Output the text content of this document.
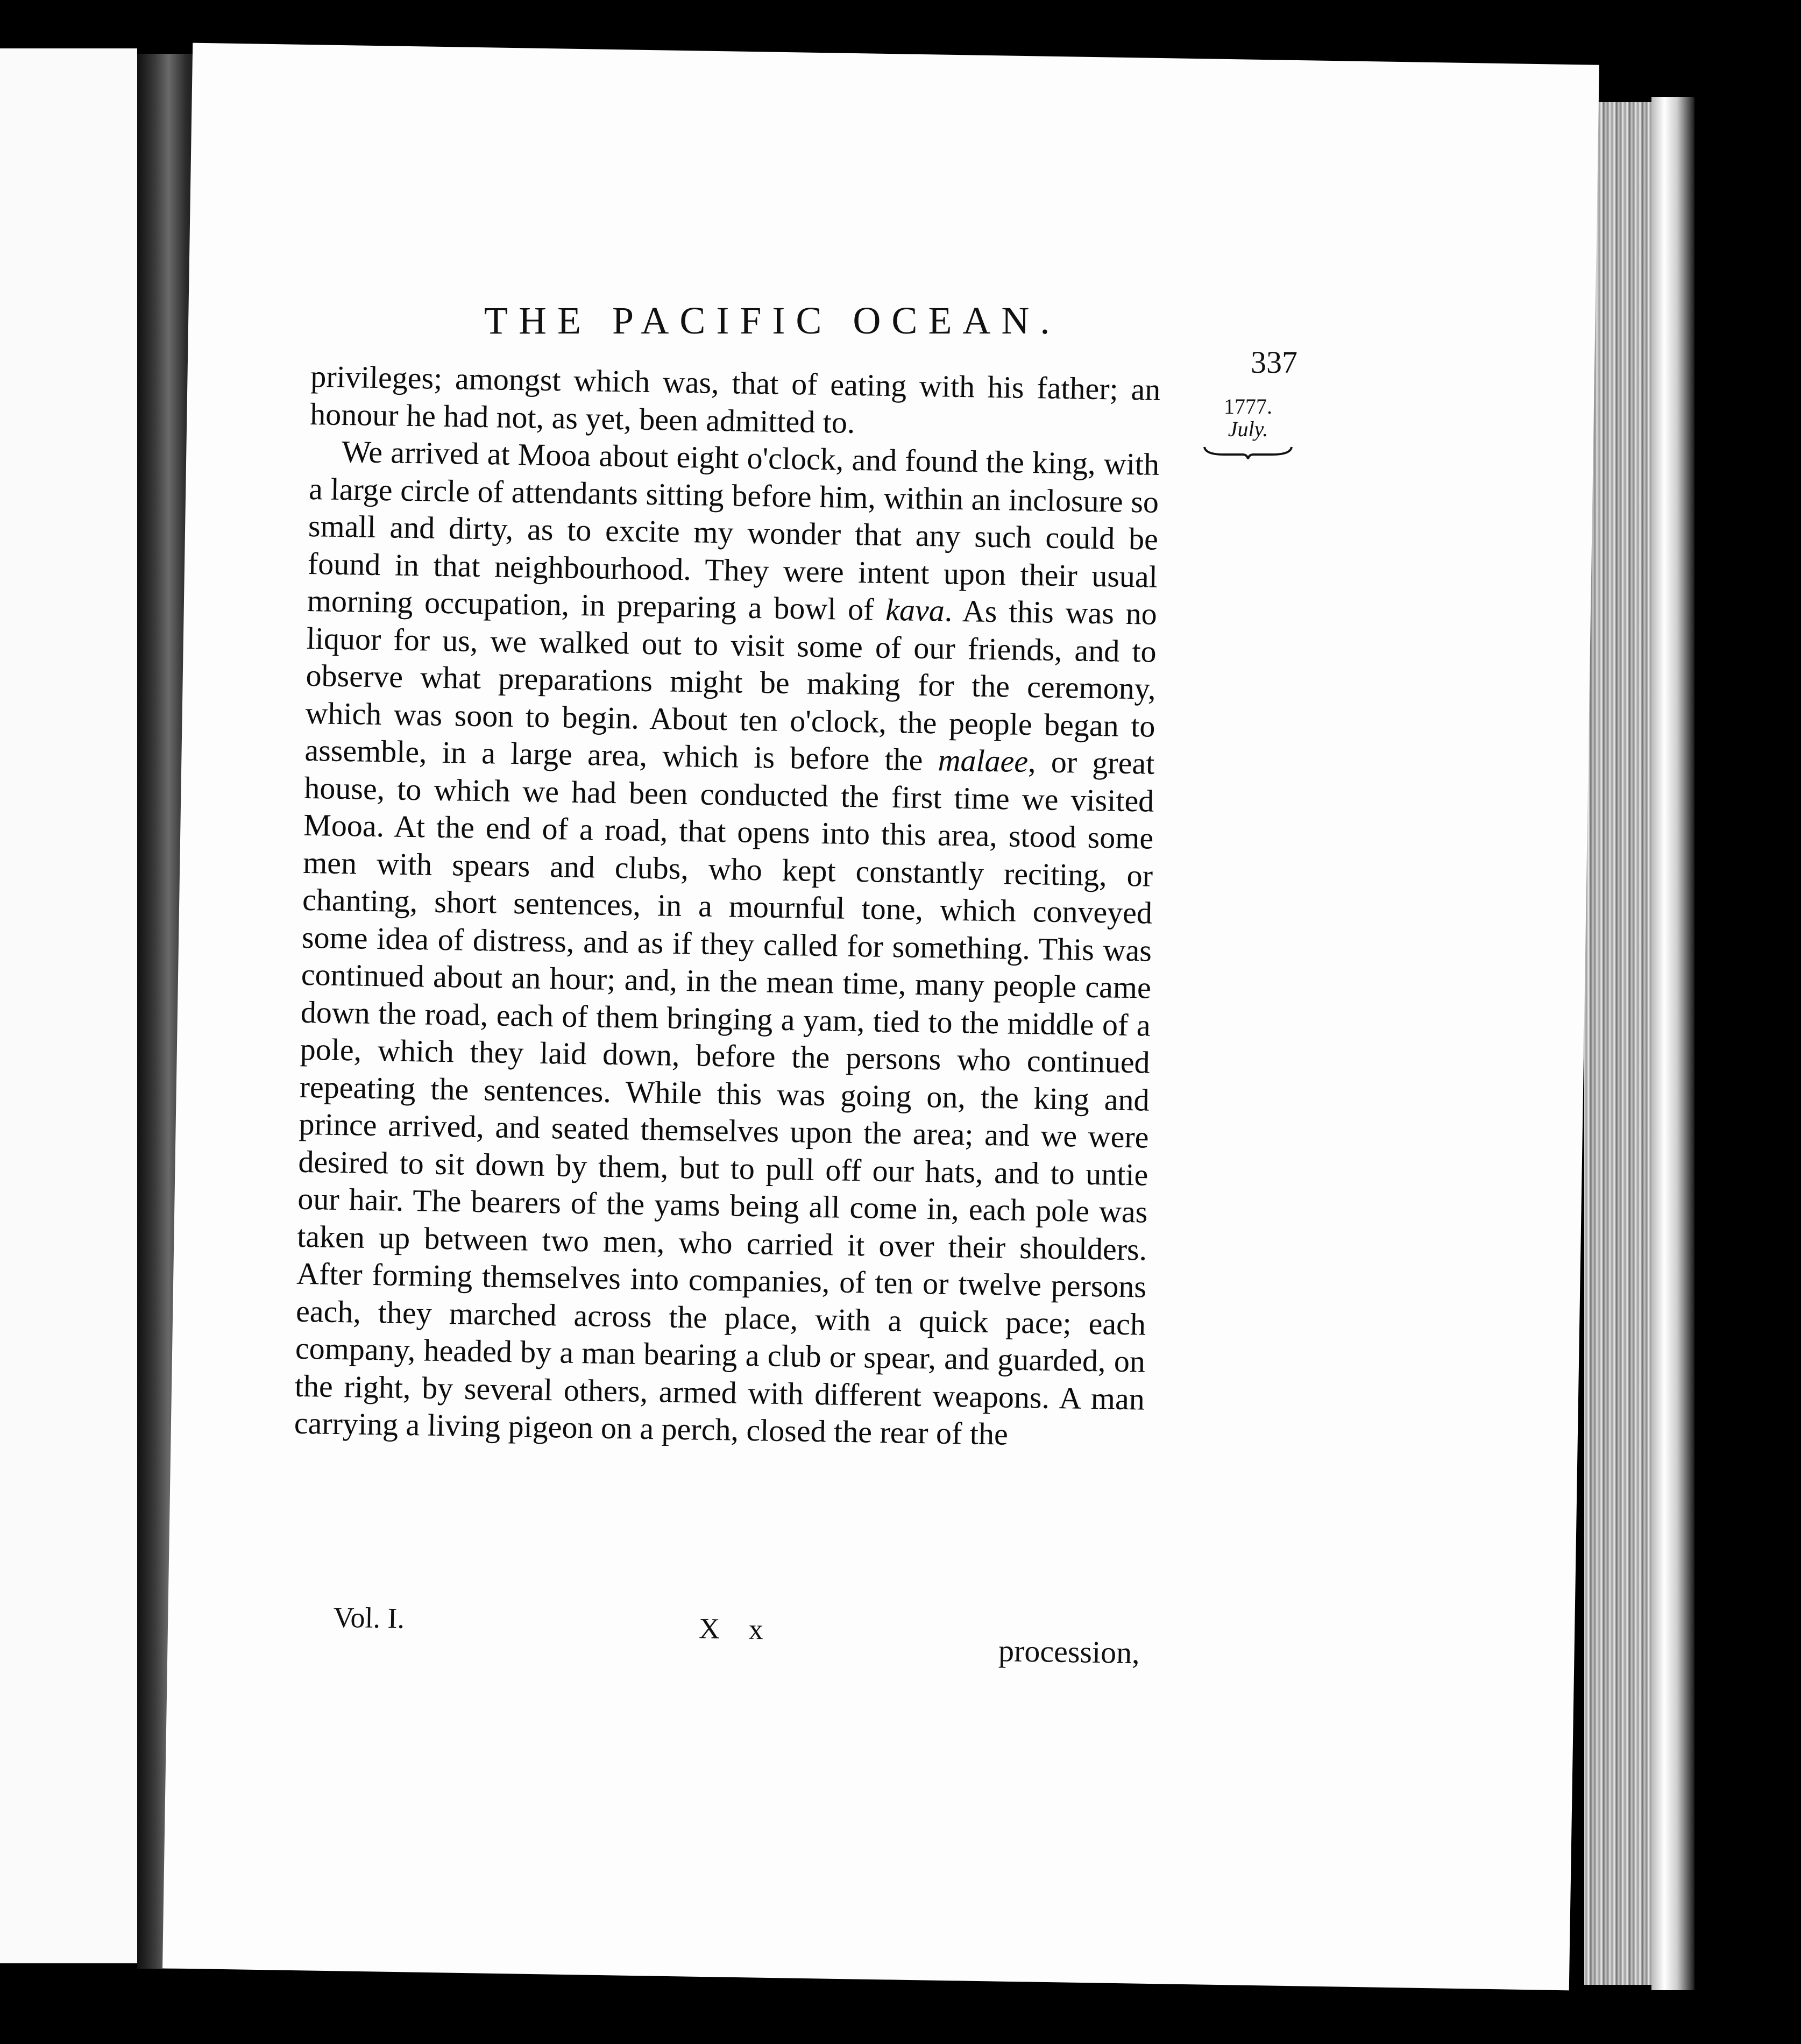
THE PACIFIC OCEAN.
337
1777.
July.

privileges; amongst which was, that of eating with his father; an honour he had not, as yet, been admitted to.

We arrived at Mooa about eight o'clock, and found the king, with a large circle of attendants sitting before him, within an inclosure so small and dirty, as to excite my wonder that any such could be found in that neighbourhood. They were intent upon their usual morning occupation, in preparing a bowl of kava. As this was no liquor for us, we walked out to visit some of our friends, and to observe what preparations might be making for the ceremony, which was soon to begin. About ten o'clock, the people began to assemble, in a large area, which is before the malaee, or great house, to which we had been conducted the first time we visited Mooa. At the end of a road, that opens into this area, stood some men with spears and clubs, who kept constantly reciting, or chanting, short sentences, in a mournful tone, which conveyed some idea of distress, and as if they called for something. This was continued about an hour; and, in the mean time, many people came down the road, each of them bringing a yam, tied to the middle of a pole, which they laid down, before the persons who continued repeating the sentences. While this was going on, the king and prince arrived, and seated themselves upon the area; and we were desired to sit down by them, but to pull off our hats, and to untie our hair. The bearers of the yams being all come in, each pole was taken up between two men, who carried it over their shoulders. After forming themselves into companies, of ten or twelve persons each, they marched across the place, with a quick pace; each company, headed by a man bearing a club or spear, and guarded, on the right, by several others, armed with different weapons. A man carrying a living pigeon on a perch, closed the rear of the

Vol. I.	X x
procession,
